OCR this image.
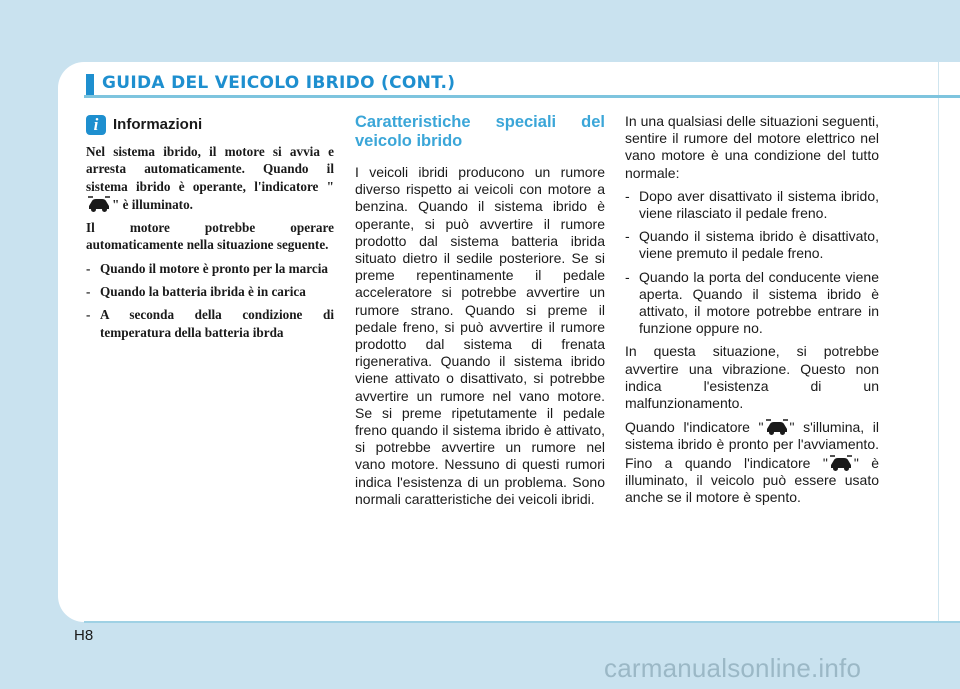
GUIDA DEL VEICOLO IBRIDO (CONT.)
i Informazioni

Nel sistema ibrido, il motore si avvia e arresta automaticamente. Quando il sistema ibrido è operante, l'indicatore "" è illuminato.

Il motore potrebbe operare automaticamente nella situazione seguente.

- Quando il motore è pronto per la marcia
- Quando la batteria ibrida è in carica
- A seconda della condizione di temperatura della batteria ibrda
Caratteristiche speciali del veicolo ibrido

I veicoli ibridi producono un rumore diverso rispetto ai veicoli con motore a benzina. Quando il sistema ibrido è operante, si può avvertire il rumore prodotto dal sistema batteria ibrida situato dietro il sedile posteriore. Se si preme repentinamente il pedale acceleratore si potrebbe avvertire un rumore strano. Quando si preme il pedale freno, si può avvertire il rumore prodotto dal sistema di frenata rigenerativa. Quando il sistema ibrido viene attivato o disattivato, si potrebbe avvertire un rumore nel vano motore. Se si preme ripetutamente il pedale freno quando il sistema ibrido è attivato, si potrebbe avvertire un rumore nel vano motore. Nessuno di questi rumori indica l'esistenza di un problema. Sono normali caratteristiche dei veicoli ibridi.

In una qualsiasi delle situazioni seguenti, sentire il rumore del motore elettrico nel vano motore è una condizione del tutto normale:

- Dopo aver disattivato il sistema ibrido, viene rilasciato il pedale freno.
- Quando il sistema ibrido è disattivato, viene premuto il pedale freno.
- Quando la porta del conducente viene aperta. Quando il sistema ibrido è attivato, il motore potrebbe entrare in funzione oppure no.

In questa situazione, si potrebbe avvertire una vibrazione. Questo non indica l'esistenza di un malfunzionamento.

Quando l'indicatore " " s'illumina, il sistema ibrido è pronto per l'avviamento. Fino a quando l'indicatore " " è illuminato, il veicolo può essere usato anche se il motore è spento.

H8
carmanualsonline.info
